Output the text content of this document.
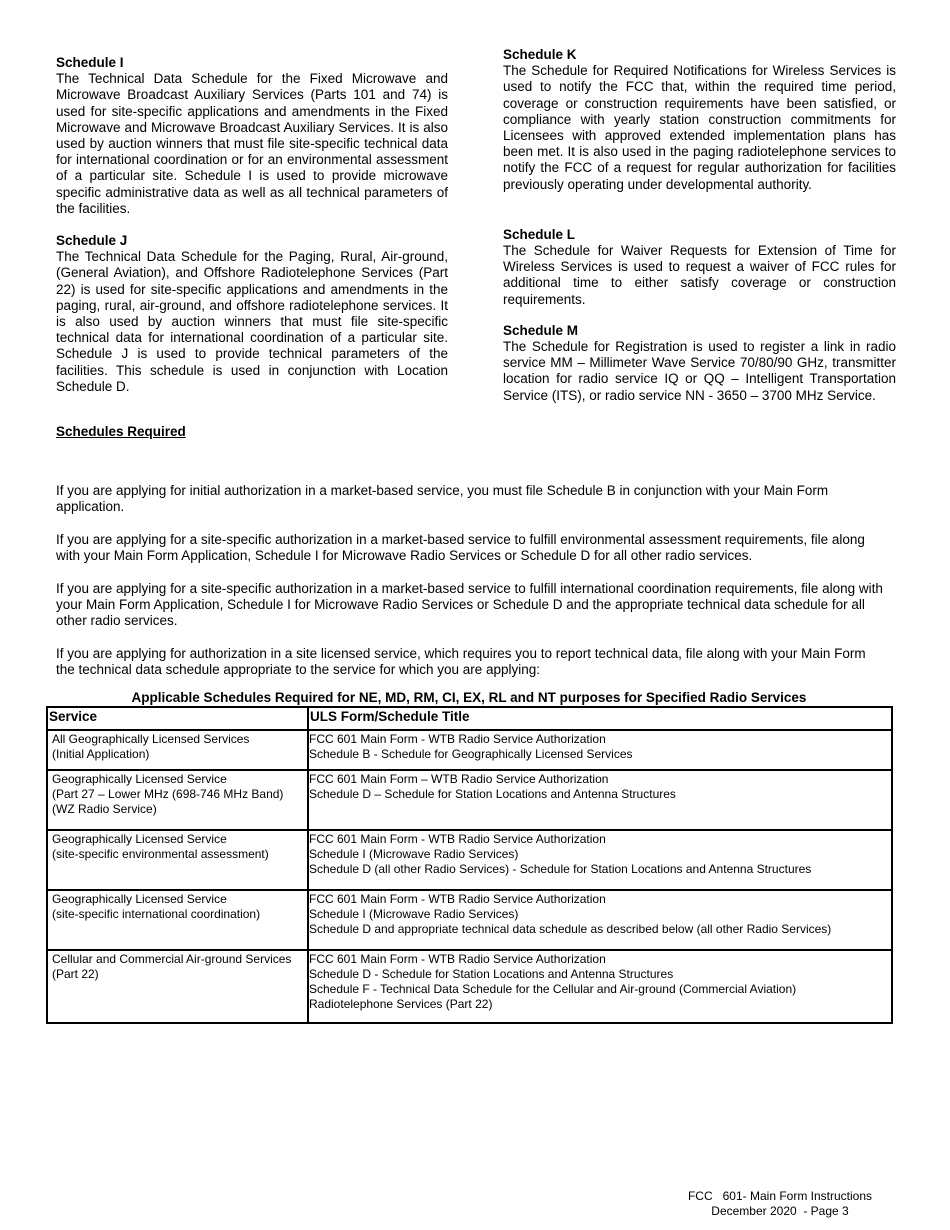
Schedule I

The Technical Data Schedule for the Fixed Microwave and Microwave Broadcast Auxiliary Services (Parts 101 and 74) is used for site-specific applications and amendments in the Fixed Microwave and Microwave Broadcast Auxiliary Services. It is also used by auction winners that must file site-specific technical data for international coordination or for an environmental assessment of a particular site. Schedule I is used to provide microwave specific administrative data as well as all technical parameters of the facilities.

Schedule J

The Technical Data Schedule for the Paging, Rural, Air-ground, (General Aviation), and Offshore Radiotelephone Services (Part 22) is used for site-specific applications and amendments in the paging, rural, air-ground, and offshore radiotelephone services. It is also used by auction winners that must file site-specific technical data for international coordination of a particular site. Schedule J is used to provide technical parameters of the facilities. This schedule is used in conjunction with Location Schedule D.

Schedule K

The Schedule for Required Notifications for Wireless Services is used to notify the FCC that, within the required time period, coverage or construction requirements have been satisfied, or compliance with yearly station construction commitments for Licensees with approved extended implementation plans has been met. It is also used in the paging radiotelephone services to notify the FCC of a request for regular authorization for facilities previously operating under developmental authority.

Schedule L

The Schedule for Waiver Requests for Extension of Time for Wireless Services is used to request a waiver of FCC rules for additional time to either satisfy coverage or construction requirements.

Schedule M

The Schedule for Registration is used to register a link in radio service MM – Millimeter Wave Service 70/80/90 GHz, transmitter location for radio service IQ or QQ – Intelligent Transportation Service (ITS), or radio service NN - 3650 – 3700 MHz Service.

Schedules Required

If you are applying for initial authorization in a market-based service, you must file Schedule B in conjunction with your Main Form application.

If you are applying for a site-specific authorization in a market-based service to fulfill environmental assessment requirements, file along with your Main Form Application, Schedule I for Microwave Radio Services or Schedule D for all other radio services.

If you are applying for a site-specific authorization in a market-based service to fulfill international coordination requirements, file along with your Main Form Application, Schedule I for Microwave Radio Services or Schedule D and the appropriate technical data schedule for all other radio services.

If you are applying for authorization in a site licensed service, which requires you to report technical data, file along with your Main Form the technical data schedule appropriate to the service for which you are applying:

Applicable Schedules Required for NE, MD, RM, CI, EX, RL and NT purposes for Specified Radio Services
Service	ULS Form/Schedule Title

All Geographically Licensed Services
(Initial Application)	FCC 601 Main Form - WTB Radio Service Authorization
Schedule B - Schedule for Geographically Licensed Services

Geographically Licensed Service
(Part 27 – Lower MHz (698-746 MHz Band)
(WZ Radio Service)	FCC 601 Main Form – WTB Radio Service Authorization
Schedule D – Schedule for Station Locations and Antenna Structures

Geographically Licensed Service
(site-specific environmental assessment)	FCC 601 Main Form - WTB Radio Service Authorization
Schedule I (Microwave Radio Services)
Schedule D (all other Radio Services) - Schedule for Station Locations and Antenna Structures

Geographically Licensed Service
(site-specific international coordination)	FCC 601 Main Form - WTB Radio Service Authorization
Schedule I (Microwave Radio Services)
Schedule D and appropriate technical data schedule as described below (all other Radio Services)

Cellular and Commercial Air-ground Services
(Part 22)	FCC 601 Main Form - WTB Radio Service Authorization
Schedule D - Schedule for Station Locations and Antenna Structures
Schedule F - Technical Data Schedule for the Cellular and Air-ground (Commercial Aviation)
Radiotelephone Services (Part 22)
FCC   601- Main Form Instructions
December 2020  - Page 3
